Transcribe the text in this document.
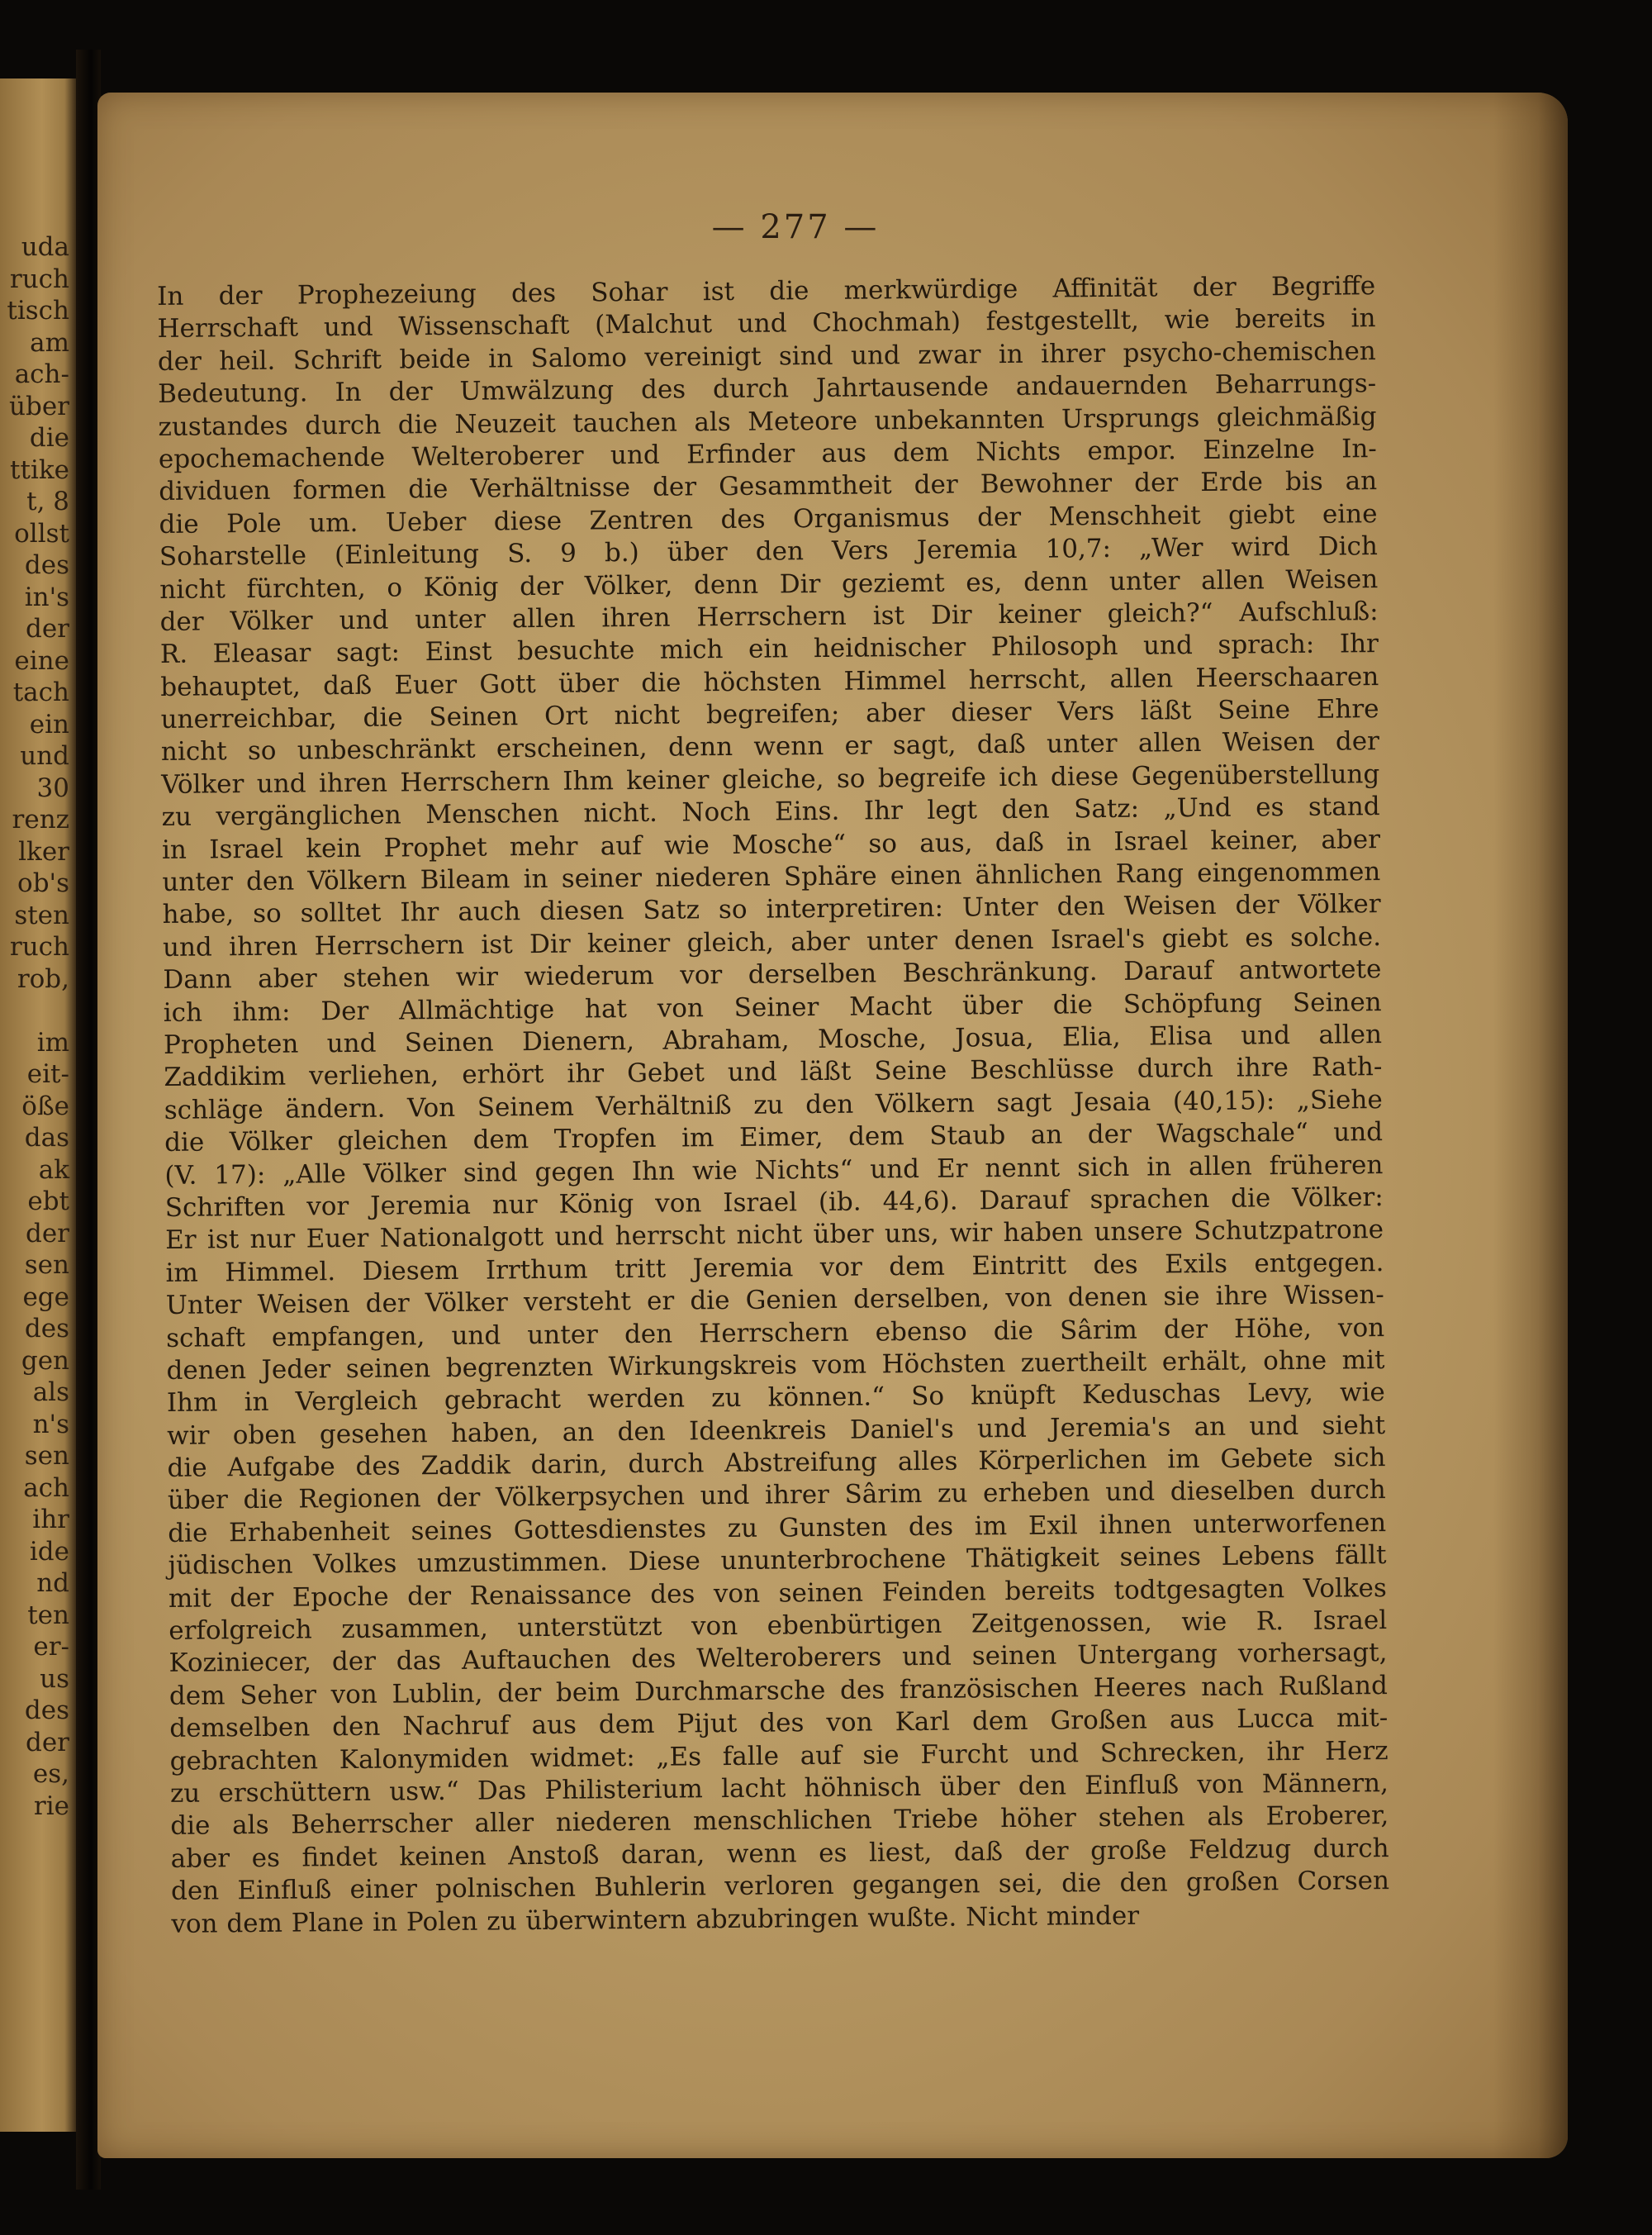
uda
ruch
tisch
am
ach-
über
die
ttike
t, 8
ollst
des
in's
der
eine
tach
ein
und
30
renz
lker
ob's
sten
ruch
rob,
im
eit-
öße
das
ak
ebt
der
sen
ege
des
gen
als
n's
sen
ach
ihr
ide
nd
ten
er-
us
des
der
es,
rie
— 277 —
In der Prophezeiung des Sohar ist die merkwürdige Affinität der Begriffe
Herrschaft und Wissenschaft (Malchut und Chochmah) festgestellt, wie bereits in
der heil. Schrift beide in Salomo vereinigt sind und zwar in ihrer psycho-chemischen
Bedeutung. In der Umwälzung des durch Jahrtausende andauernden Beharrungs-
zustandes durch die Neuzeit tauchen als Meteore unbekannten Ursprungs gleichmäßig
epochemachende Welteroberer und Erfinder aus dem Nichts empor. Einzelne In-
dividuen formen die Verhältnisse der Gesammtheit der Bewohner der Erde bis an
die Pole um. Ueber diese Zentren des Organismus der Menschheit giebt eine
Soharstelle (Einleitung S. 9 b.) über den Vers Jeremia 10,7: „Wer wird Dich
nicht fürchten, o König der Völker, denn Dir geziemt es, denn unter allen Weisen
der Völker und unter allen ihren Herrschern ist Dir keiner gleich?“ Aufschluß:
R. Eleasar sagt: Einst besuchte mich ein heidnischer Philosoph und sprach: Ihr
behauptet, daß Euer Gott über die höchsten Himmel herrscht, allen Heerschaaren
unerreichbar, die Seinen Ort nicht begreifen; aber dieser Vers läßt Seine Ehre
nicht so unbeschränkt erscheinen, denn wenn er sagt, daß unter allen Weisen der
Völker und ihren Herrschern Ihm keiner gleiche, so begreife ich diese Gegenüberstellung
zu vergänglichen Menschen nicht. Noch Eins. Ihr legt den Satz: „Und es stand
in Israel kein Prophet mehr auf wie Mosche“ so aus, daß in Israel keiner, aber
unter den Völkern Bileam in seiner niederen Sphäre einen ähnlichen Rang eingenommen
habe, so solltet Ihr auch diesen Satz so interpretiren: Unter den Weisen der Völker
und ihren Herrschern ist Dir keiner gleich, aber unter denen Israel's giebt es solche.
Dann aber stehen wir wiederum vor derselben Beschränkung. Darauf antwortete
ich ihm: Der Allmächtige hat von Seiner Macht über die Schöpfung Seinen
Propheten und Seinen Dienern, Abraham, Mosche, Josua, Elia, Elisa und allen
Zaddikim verliehen, erhört ihr Gebet und läßt Seine Beschlüsse durch ihre Rath-
schläge ändern. Von Seinem Verhältniß zu den Völkern sagt Jesaia (40,15): „Siehe
die Völker gleichen dem Tropfen im Eimer, dem Staub an der Wagschale“ und
(V. 17): „Alle Völker sind gegen Ihn wie Nichts“ und Er nennt sich in allen früheren
Schriften vor Jeremia nur König von Israel (ib. 44,6). Darauf sprachen die Völker:
Er ist nur Euer Nationalgott und herrscht nicht über uns, wir haben unsere Schutzpatrone
im Himmel. Diesem Irrthum tritt Jeremia vor dem Eintritt des Exils entgegen.
Unter Weisen der Völker versteht er die Genien derselben, von denen sie ihre Wissen-
schaft empfangen, und unter den Herrschern ebenso die Sârim der Höhe, von
denen Jeder seinen begrenzten Wirkungskreis vom Höchsten zuertheilt erhält, ohne mit
Ihm in Vergleich gebracht werden zu können.“ So knüpft Keduschas Levy, wie
wir oben gesehen haben, an den Ideenkreis Daniel's und Jeremia's an und sieht
die Aufgabe des Zaddik darin, durch Abstreifung alles Körperlichen im Gebete sich
über die Regionen der Völkerpsychen und ihrer Sârim zu erheben und dieselben durch
die Erhabenheit seines Gottesdienstes zu Gunsten des im Exil ihnen unterworfenen
jüdischen Volkes umzustimmen. Diese ununterbrochene Thätigkeit seines Lebens fällt
mit der Epoche der Renaissance des von seinen Feinden bereits todtgesagten Volkes
erfolgreich zusammen, unterstützt von ebenbürtigen Zeitgenossen, wie R. Israel
Koziniecer, der das Auftauchen des Welteroberers und seinen Untergang vorhersagt,
dem Seher von Lublin, der beim Durchmarsche des französischen Heeres nach Rußland
demselben den Nachruf aus dem Pijut des von Karl dem Großen aus Lucca mit-
gebrachten Kalonymiden widmet: „Es falle auf sie Furcht und Schrecken, ihr Herz
zu erschüttern usw.“ Das Philisterium lacht höhnisch über den Einfluß von Männern,
die als Beherrscher aller niederen menschlichen Triebe höher stehen als Eroberer,
aber es findet keinen Anstoß daran, wenn es liest, daß der große Feldzug durch
den Einfluß einer polnischen Buhlerin verloren gegangen sei, die den großen Corsen
von dem Plane in Polen zu überwintern abzubringen wußte. Nicht minder
